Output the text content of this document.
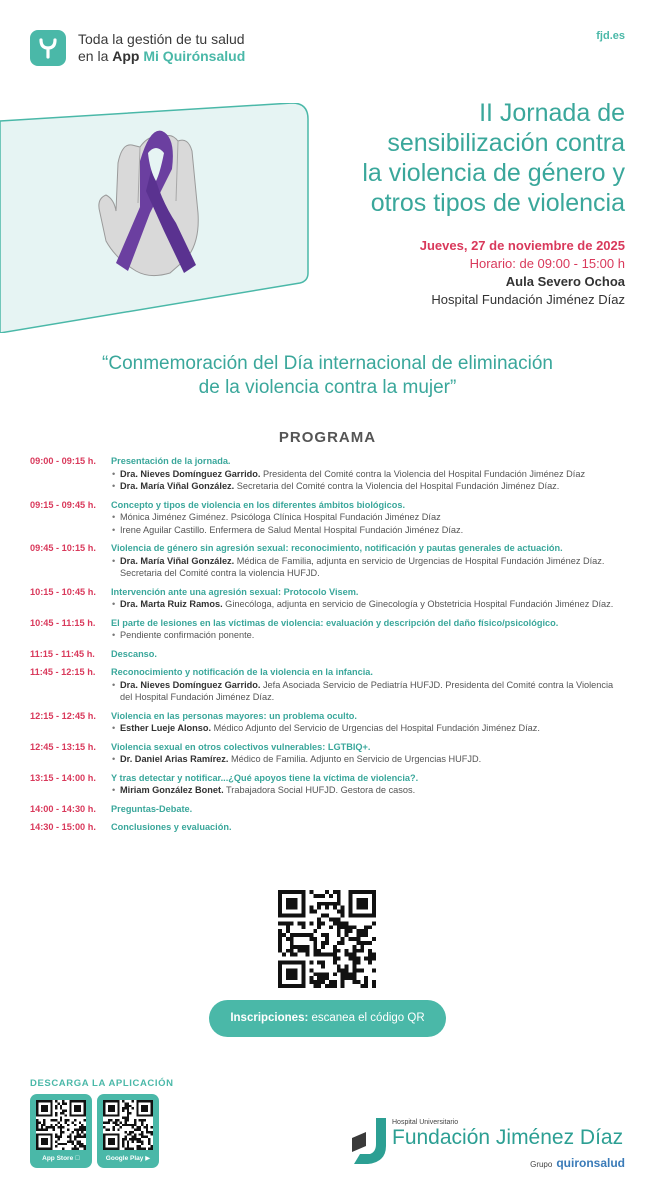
Toda la gestión de tu salud
en la App Mi Quirónsalud
fjd.es
II Jornada de
sensibilización contra
la violencia de género y
otros tipos de violencia
Jueves, 27 de noviembre de 2025
Horario: de 09:00 - 15:00 h
Aula Severo Ochoa
Hospital Fundación Jiménez Díaz
“Conmemoración del Día internacional de eliminación
de la violencia contra la mujer”
PROGRAMA
09:00 - 09:15 h.	Presentación de la jornada.
• Dra. Nieves Domínguez Garrido. Presidenta del Comité contra la Violencia del Hospital Fundación Jiménez Díaz
• Dra. María Viñal González. Secretaria del Comité contra la Violencia del Hospital Fundación Jiménez Díaz.
09:15 - 09:45 h.	Concepto y tipos de violencia en los diferentes ámbitos biológicos.
• Mónica Jiménez Giménez. Psicóloga Clínica Hospital Fundación Jiménez Díaz
• Irene Aguilar Castillo. Enfermera de Salud Mental Hospital Fundación Jiménez Díaz.
09:45 - 10:15 h.	Violencia de género sin agresión sexual: reconocimiento, notificación y pautas generales de actuación.
• Dra. María Viñal González. Médica de Familia, adjunta en servicio de Urgencias de Hospital Fundación Jiménez Díaz. Secretaria del Comité contra la violencia HUFJD.
10:15 - 10:45 h.	Intervención ante una agresión sexual: Protocolo Visem.
• Dra. Marta Ruiz Ramos. Ginecóloga, adjunta en servicio de Ginecología y Obstetricia Hospital Fundación Jiménez Díaz.
10:45 - 11:15 h.	El parte de lesiones en las víctimas de violencia: evaluación y descripción del daño físico/psicológico.
• Pendiente confirmación ponente.
11:15 - 11:45 h.	Descanso.
11:45 - 12:15 h.	Reconocimiento y notificación de la violencia en la infancia.
• Dra. Nieves Domínguez Garrido. Jefa Asociada Servicio de Pediatría HUFJD. Presidenta del Comité contra la Violencia del Hospital Fundación Jiménez Díaz.
12:15 - 12:45 h.	Violencia en las personas mayores: un problema oculto.
• Esther Lueje Alonso. Médico Adjunto del Servicio de Urgencias del Hospital Fundación Jiménez Díaz.
12:45 - 13:15 h.	Violencia sexual en otros colectivos vulnerables: LGTBIQ+.
• Dr. Daniel Arias Ramírez. Médico de Familia. Adjunto en Servicio de Urgencias HUFJD.
13:15 - 14:00 h.	Y tras detectar y notificar...¿Qué apoyos tiene la víctima de violencia?.
• Miriam González Bonet. Trabajadora Social HUFJD. Gestora de casos.
14:00 - 14:30 h.	Preguntas-Debate.
14:30 - 15:00 h.	Conclusiones y evaluación.
Inscripciones: escanea el código QR
DESCARGA LA APLICACIÓN
App Store	Google Play ▶
Hospital Universitario
Fundación Jiménez Díaz
Grupo quironsalud
